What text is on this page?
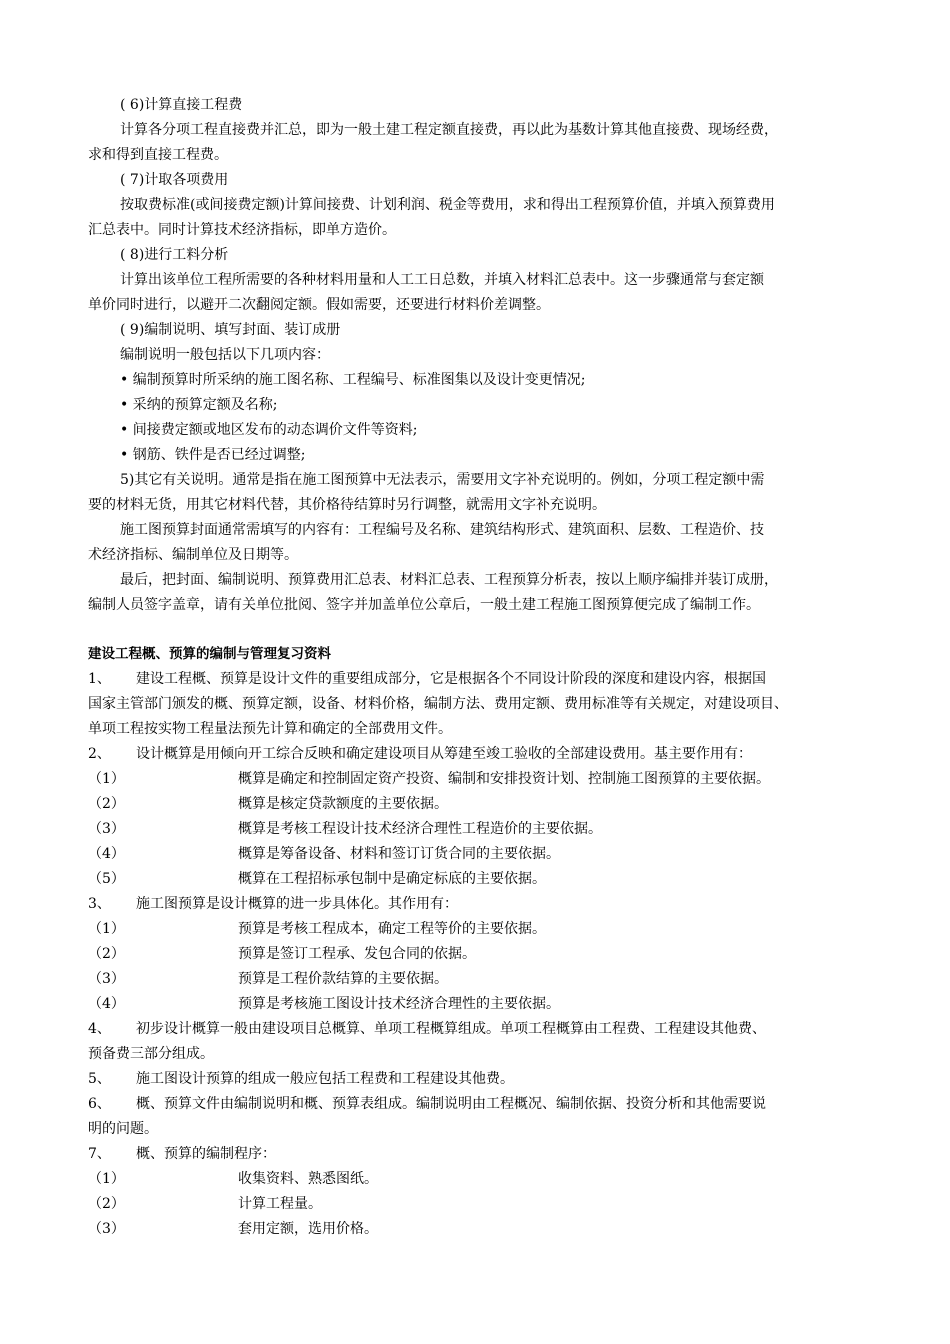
( 6)计算直接工程费
计算各分项工程直接费并汇总，即为一般土建工程定额直接费，再以此为基数计算其他直接费、现场经费，
求和得到直接工程费。
( 7)计取各项费用
按取费标准(或间接费定额)计算间接费、计划利润、税金等费用，求和得出工程预算价值，并填入预算费用
汇总表中。同时计算技术经济指标，即单方造价。
( 8)进行工料分析
计算出该单位工程所需要的各种材料用量和人工工日总数，并填入材料汇总表中。这一步骤通常与套定额
单价同时进行，以避开二次翻阅定额。假如需要，还要进行材料价差调整。
( 9)编制说明、填写封面、装订成册
编制说明一般包括以下几项内容：
• 编制预算时所采纳的施工图名称、工程编号、标准图集以及设计变更情况;
• 采纳的预算定额及名称;
• 间接费定额或地区发布的动态调价文件等资料;
• 钢筋、铁件是否已经过调整;
5)其它有关说明。通常是指在施工图预算中无法表示，需要用文字补充说明的。例如，分项工程定额中需
要的材料无货，用其它材料代替，其价格待结算时另行调整，就需用文字补充说明。
施工图预算封面通常需填写的内容有：工程编号及名称、建筑结构形式、建筑面积、层数、工程造价、技
术经济指标、编制单位及日期等。
最后，把封面、编制说明、预算费用汇总表、材料汇总表、工程预算分析表，按以上顺序编排并装订成册，
编制人员签字盖章，请有关单位批阅、签字并加盖单位公章后，一般土建工程施工图预算便完成了编制工作。
建设工程概、预算的编制与管理复习资料
1、 建设工程概、预算是设计文件的重要组成部分，它是根据各个不同设计阶段的深度和建设内容，根据国
国家主管部门颁发的概、预算定额，设备、材料价格，编制方法、费用定额、费用标准等有关规定，对建设项目、
单项工程按实物工程量法预先计算和确定的全部费用文件。
2、 设计概算是用倾向开工综合反映和确定建设项目从筹建至竣工验收的全部建设费用。基主要作用有：
（1）	概算是确定和控制固定资产投资、编制和安排投资计划、控制施工图预算的主要依据。
（2）	概算是核定贷款额度的主要依据。
（3）	概算是考核工程设计技术经济合理性工程造价的主要依据。
（4）	概算是筹备设备、材料和签订订货合同的主要依据。
（5）	概算在工程招标承包制中是确定标底的主要依据。
3、 施工图预算是设计概算的进一步具体化。其作用有：
（1）	预算是考核工程成本，确定工程等价的主要依据。
（2）	预算是签订工程承、发包合同的依据。
（3）	预算是工程价款结算的主要依据。
（4）	预算是考核施工图设计技术经济合理性的主要依据。
4、 初步设计概算一般由建设项目总概算、单项工程概算组成。单项工程概算由工程费、工程建设其他费、
预备费三部分组成。
5、 施工图设计预算的组成一般应包括工程费和工程建设其他费。
6、 概、预算文件由编制说明和概、预算表组成。编制说明由工程概况、编制依据、投资分析和其他需要说
明的问题。
7、 概、预算的编制程序：
（1）	收集资料、熟悉图纸。
（2）	计算工程量。
（3）	套用定额，选用价格。
